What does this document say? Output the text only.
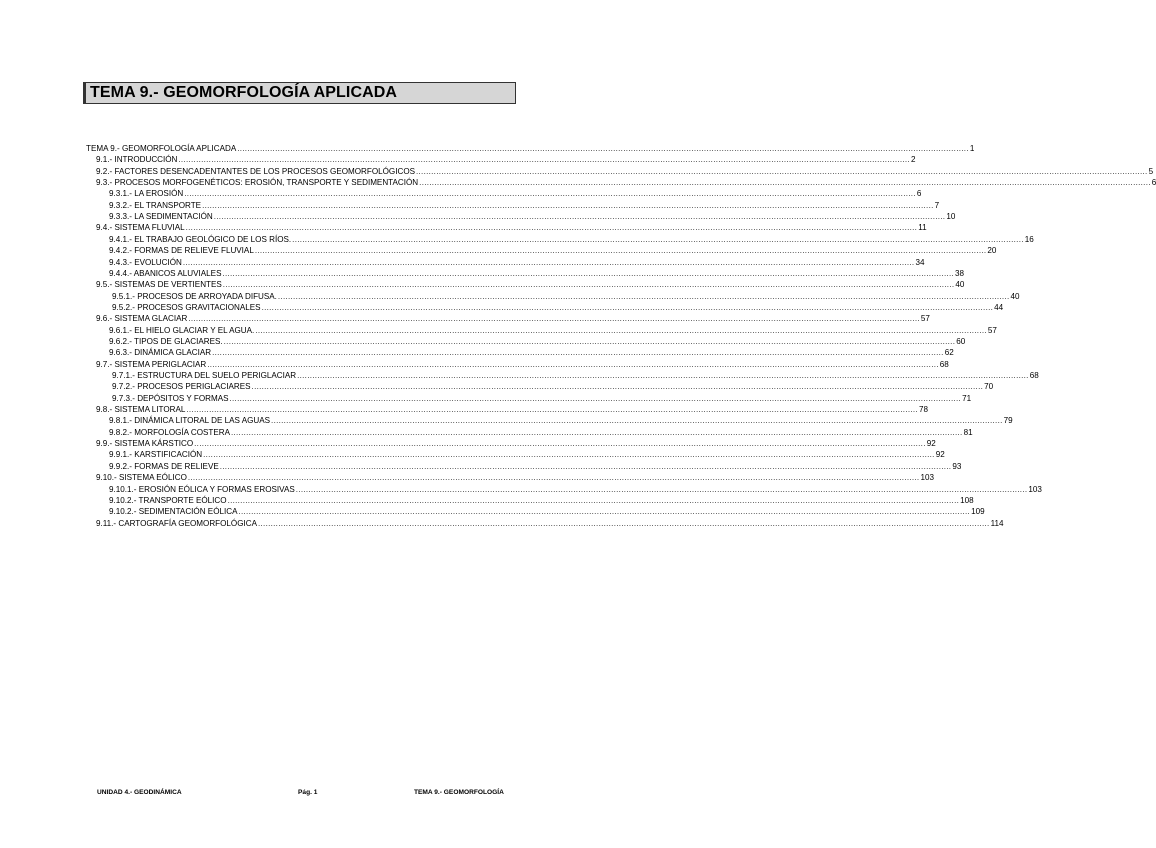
TEMA 9.- GEOMORFOLOGÍA APLICADA
TEMA 9.- GEOMORFOLOGÍA APLICADA .................................................................................................................................................................................................................................................................................................. 1
9.1.- INTRODUCCIÓN .................................................................................................................................................................................................................................................................................................. 2
9.2.- FACTORES DESENCADENTANTES DE LOS PROCESOS GEOMORFOLÓGICOS .................................................................................................................................................................................................................................................................................................. 5
9.3.- PROCESOS MORFOGENÉTICOS: EROSIÓN, TRANSPORTE Y SEDIMENTACIÓN .................................................................................................................................................................................................................................................................................................. 6
9.3.1.- LA EROSIÓN .................................................................................................................................................................................................................................................................................................. 6
9.3.2.- EL TRANSPORTE .................................................................................................................................................................................................................................................................................................. 7
9.3.3.- LA SEDIMENTACIÓN .................................................................................................................................................................................................................................................................................................. 10
9.4.- SISTEMA FLUVIAL .................................................................................................................................................................................................................................................................................................. 11
9.4.1.- EL TRABAJO GEOLÓGICO DE LOS RÍOS. .................................................................................................................................................................................................................................................................................................. 16
9.4.2.- FORMAS DE RELIEVE FLUVIAL .................................................................................................................................................................................................................................................................................................. 20
9.4.3.- EVOLUCIÓN .................................................................................................................................................................................................................................................................................................. 34
9.4.4.- ABANICOS ALUVIALES .................................................................................................................................................................................................................................................................................................. 38
9.5.- SISTEMAS DE VERTIENTES .................................................................................................................................................................................................................................................................................................. 40
9.5.1.- PROCESOS DE ARROYADA DIFUSA. .................................................................................................................................................................................................................................................................................................. 40
9.5.2.- PROCESOS GRAVITACIONALES .................................................................................................................................................................................................................................................................................................. 44
9.6.- SISTEMA GLACIAR .................................................................................................................................................................................................................................................................................................. 57
9.6.1.- EL HIELO GLACIAR Y EL AGUA. .................................................................................................................................................................................................................................................................................................. 57
9.6.2.- TIPOS DE GLACIARES. .................................................................................................................................................................................................................................................................................................. 60
9.6.3.- DINÁMICA GLACIAR .................................................................................................................................................................................................................................................................................................. 62
9.7.- SISTEMA PERIGLACIAR .................................................................................................................................................................................................................................................................................................. 68
9.7.1.- ESTRUCTURA DEL SUELO PERIGLACIAR .................................................................................................................................................................................................................................................................................................. 68
9.7.2.- PROCESOS PERIGLACIARES .................................................................................................................................................................................................................................................................................................. 70
9.7.3.- DEPÓSITOS Y FORMAS .................................................................................................................................................................................................................................................................................................. 71
9.8.- SISTEMA LITORAL .................................................................................................................................................................................................................................................................................................. 78
9.8.1.- DINÁMICA LITORAL DE LAS AGUAS .................................................................................................................................................................................................................................................................................................. 79
9.8.2.- MORFOLOGÍA COSTERA .................................................................................................................................................................................................................................................................................................. 81
9.9.- SISTEMA KÁRSTICO .................................................................................................................................................................................................................................................................................................. 92
9.9.1.- KARSTIFICACIÓN .................................................................................................................................................................................................................................................................................................. 92
9.9.2.- FORMAS DE RELIEVE .................................................................................................................................................................................................................................................................................................. 93
9.10.- SISTEMA EÓLICO .................................................................................................................................................................................................................................................................................................. 103
9.10.1.- EROSIÓN EÓLICA Y FORMAS EROSIVAS .................................................................................................................................................................................................................................................................................................. 103
9.10.2.- TRANSPORTE EÓLICO .................................................................................................................................................................................................................................................................................................. 108
9.10.2.- SEDIMENTACIÓN EÓLICA .................................................................................................................................................................................................................................................................................................. 109
9.11.- CARTOGRAFÍA GEOMORFOLÓGICA .................................................................................................................................................................................................................................................................................................. 114
UNIDAD 4.- GEODINÁMICA	Pág. 1	TEMA 9.- GEOMORFOLOGÍA
